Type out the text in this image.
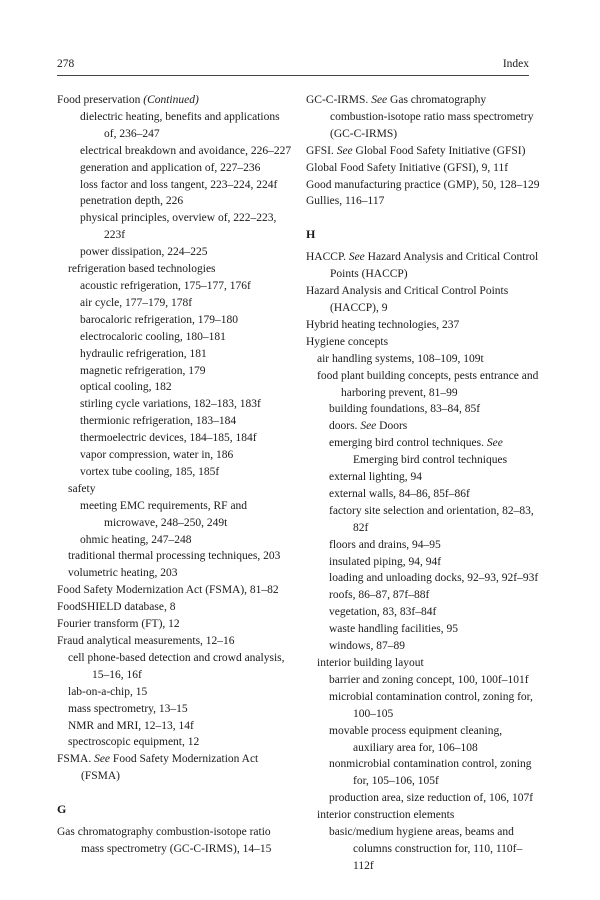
278	Index
Food preservation (Continued)
dielectric heating, benefits and applications of, 236–247
electrical breakdown and avoidance, 226–227
generation and application of, 227–236
loss factor and loss tangent, 223–224, 224f
penetration depth, 226
physical principles, overview of, 222–223, 223f
power dissipation, 224–225
refrigeration based technologies
acoustic refrigeration, 175–177, 176f
air cycle, 177–179, 178f
barocaloric refrigeration, 179–180
electrocaloric cooling, 180–181
hydraulic refrigeration, 181
magnetic refrigeration, 179
optical cooling, 182
stirling cycle variations, 182–183, 183f
thermionic refrigeration, 183–184
thermoelectric devices, 184–185, 184f
vapor compression, water in, 186
vortex tube cooling, 185, 185f
safety
meeting EMC requirements, RF and microwave, 248–250, 249t
ohmic heating, 247–248
traditional thermal processing techniques, 203
volumetric heating, 203
Food Safety Modernization Act (FSMA), 81–82
FoodSHIELD database, 8
Fourier transform (FT), 12
Fraud analytical measurements, 12–16
cell phone-based detection and crowd analysis, 15–16, 16f
lab-on-a-chip, 15
mass spectrometry, 13–15
NMR and MRI, 12–13, 14f
spectroscopic equipment, 12
FSMA. See Food Safety Modernization Act (FSMA)
G
Gas chromatography combustion-isotope ratio mass spectrometry (GC-C-IRMS), 14–15
GC-C-IRMS. See Gas chromatography combustion-isotope ratio mass spectrometry (GC-C-IRMS)
GFSI. See Global Food Safety Initiative (GFSI)
Global Food Safety Initiative (GFSI), 9, 11f
Good manufacturing practice (GMP), 50, 128–129
Gullies, 116–117
H
HACCP. See Hazard Analysis and Critical Control Points (HACCP)
Hazard Analysis and Critical Control Points (HACCP), 9
Hybrid heating technologies, 237
Hygiene concepts
air handling systems, 108–109, 109t
food plant building concepts, pests entrance and harboring prevent, 81–99
building foundations, 83–84, 85f
doors. See Doors
emerging bird control techniques. See Emerging bird control techniques
external lighting, 94
external walls, 84–86, 85f–86f
factory site selection and orientation, 82–83, 82f
floors and drains, 94–95
insulated piping, 94, 94f
loading and unloading docks, 92–93, 92f–93f
roofs, 86–87, 87f–88f
vegetation, 83, 83f–84f
waste handling facilities, 95
windows, 87–89
interior building layout
barrier and zoning concept, 100, 100f–101f
microbial contamination control, zoning for, 100–105
movable process equipment cleaning, auxiliary area for, 106–108
nonmicrobial contamination control, zoning for, 105–106, 105f
production area, size reduction of, 106, 107f
interior construction elements
basic/medium hygiene areas, beams and columns construction for, 110, 110f–112f
